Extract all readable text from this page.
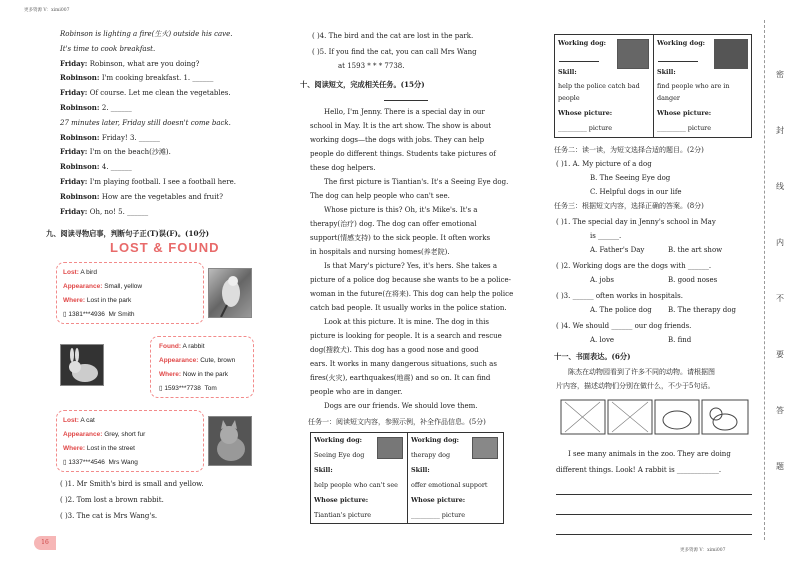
更多资源 V：ximi007
更多资源 V：ximi007
Robinson is lighting a fire(生火) outside his cave.
It's time to cook breakfast.
Friday: Robinson, what are you doing?
Robinson: I'm cooking breakfast. 1. ______
Friday: Of course. Let me clean the vegetables.
Robinson: 2. ______
27 minutes later, Friday still doesn't come back.
Robinson: Friday! 3. ______
Friday: I'm on the beach(沙滩).
Robinson: 4. ______
Friday: I'm playing football. I see a football here.
Robinson: How are the vegetables and fruit?
Friday: Oh, no! 5. ______
九、阅读寻物启事，判断句子正(T)误(F)。(10分)
LOST & FOUND
Lost: A bird
Appearance: Small, yellow
Where: Lost in the park
▯ 1381***4936 Mr Smith
Found: A rabbit
Appearance: Cute, brown
Where: Now in the park
▯ 1593***7738 Tom
Lost: A cat
Appearance: Grey, short fur
Where: Lost in the street
▯ 1337***4546 Mrs Wang
( )1. Mr Smith's bird is small and yellow.
( )2. Tom lost a brown rabbit.
( )3. The cat is Mrs Wang's.
16
( )4. The bird and the cat are lost in the park.
( )5. If you find the cat, you can call Mrs Wang
at 1593 * * * 7738.
十、阅读短文，完成相关任务。(15分)
Hello, I'm Jenny. There is a special day in our
school in May. It is the art show. The show is about
working dogs—the dogs with jobs. They can help
people do different things. Students take pictures of
these dog helpers.
The first picture is Tiantian's. It's a Seeing Eye dog.
The dog can help people who can't see.
Whose picture is this? Oh, it's Mike's. It's a
therapy(治疗) dog. The dog can offer emotional
support(情感支持) to the sick people. It often works
in hospitals and nursing homes(养老院).
Is that Mary's picture? Yes, it's hers. She takes a
picture of a police dog because she wants to be a police-
woman in the future(在将来). This dog can help the police
catch bad people. It usually works in the police station.
Look at this picture. It is mine. The dog in this
picture is looking for people. It is a search and rescue
dog(搜救犬). This dog has a good nose and good
ears. It works in many dangerous situations, such as
fires(火灾), earthquakes(地震) and so on. It can find
people who are in danger.
Dogs are our friends. We should love them.
任务一：阅读短文内容，参照示例，补全作品信息。(5分)
Working dog:
Seeing Eye dog
Skill:
help people who can't see
Whose picture:
Tiantian's picture
Working dog:
therapy dog
Skill:
offer emotional support
Whose picture:
_________ picture
Working dog:
Skill:
help the police catch bad people
Whose picture:
_________ picture
Working dog:
Skill:
find people who are in danger
Whose picture:
_________ picture
任务二：读一读，为短文选择合适的题目。(2分)
( )1. A. My picture of a dog
B. The Seeing Eye dog
C. Helpful dogs in our life
任务三：根据短文内容，选择正确的答案。(8分)
( )1. The special day in Jenny's school in May
is ______.
A. Father's Day	B. the art show
( )2. Working dogs are the dogs with ______.
A. jobs	B. good noses
( )3. ______ often works in hospitals.
A. The police dog B. The therapy dog
( )4. We should ______ our dog friends.
A. love	B. find
十一、书面表达。(6分)
陈杰在动物园看到了许多不同的动物。请根据图
片内容，描述动物们分别在做什么，不少于5句话。
I see many animals in the zoo. They are doing
different things. Look! A rabbit is ____________.
密
封
线
内
不
要
答
题
